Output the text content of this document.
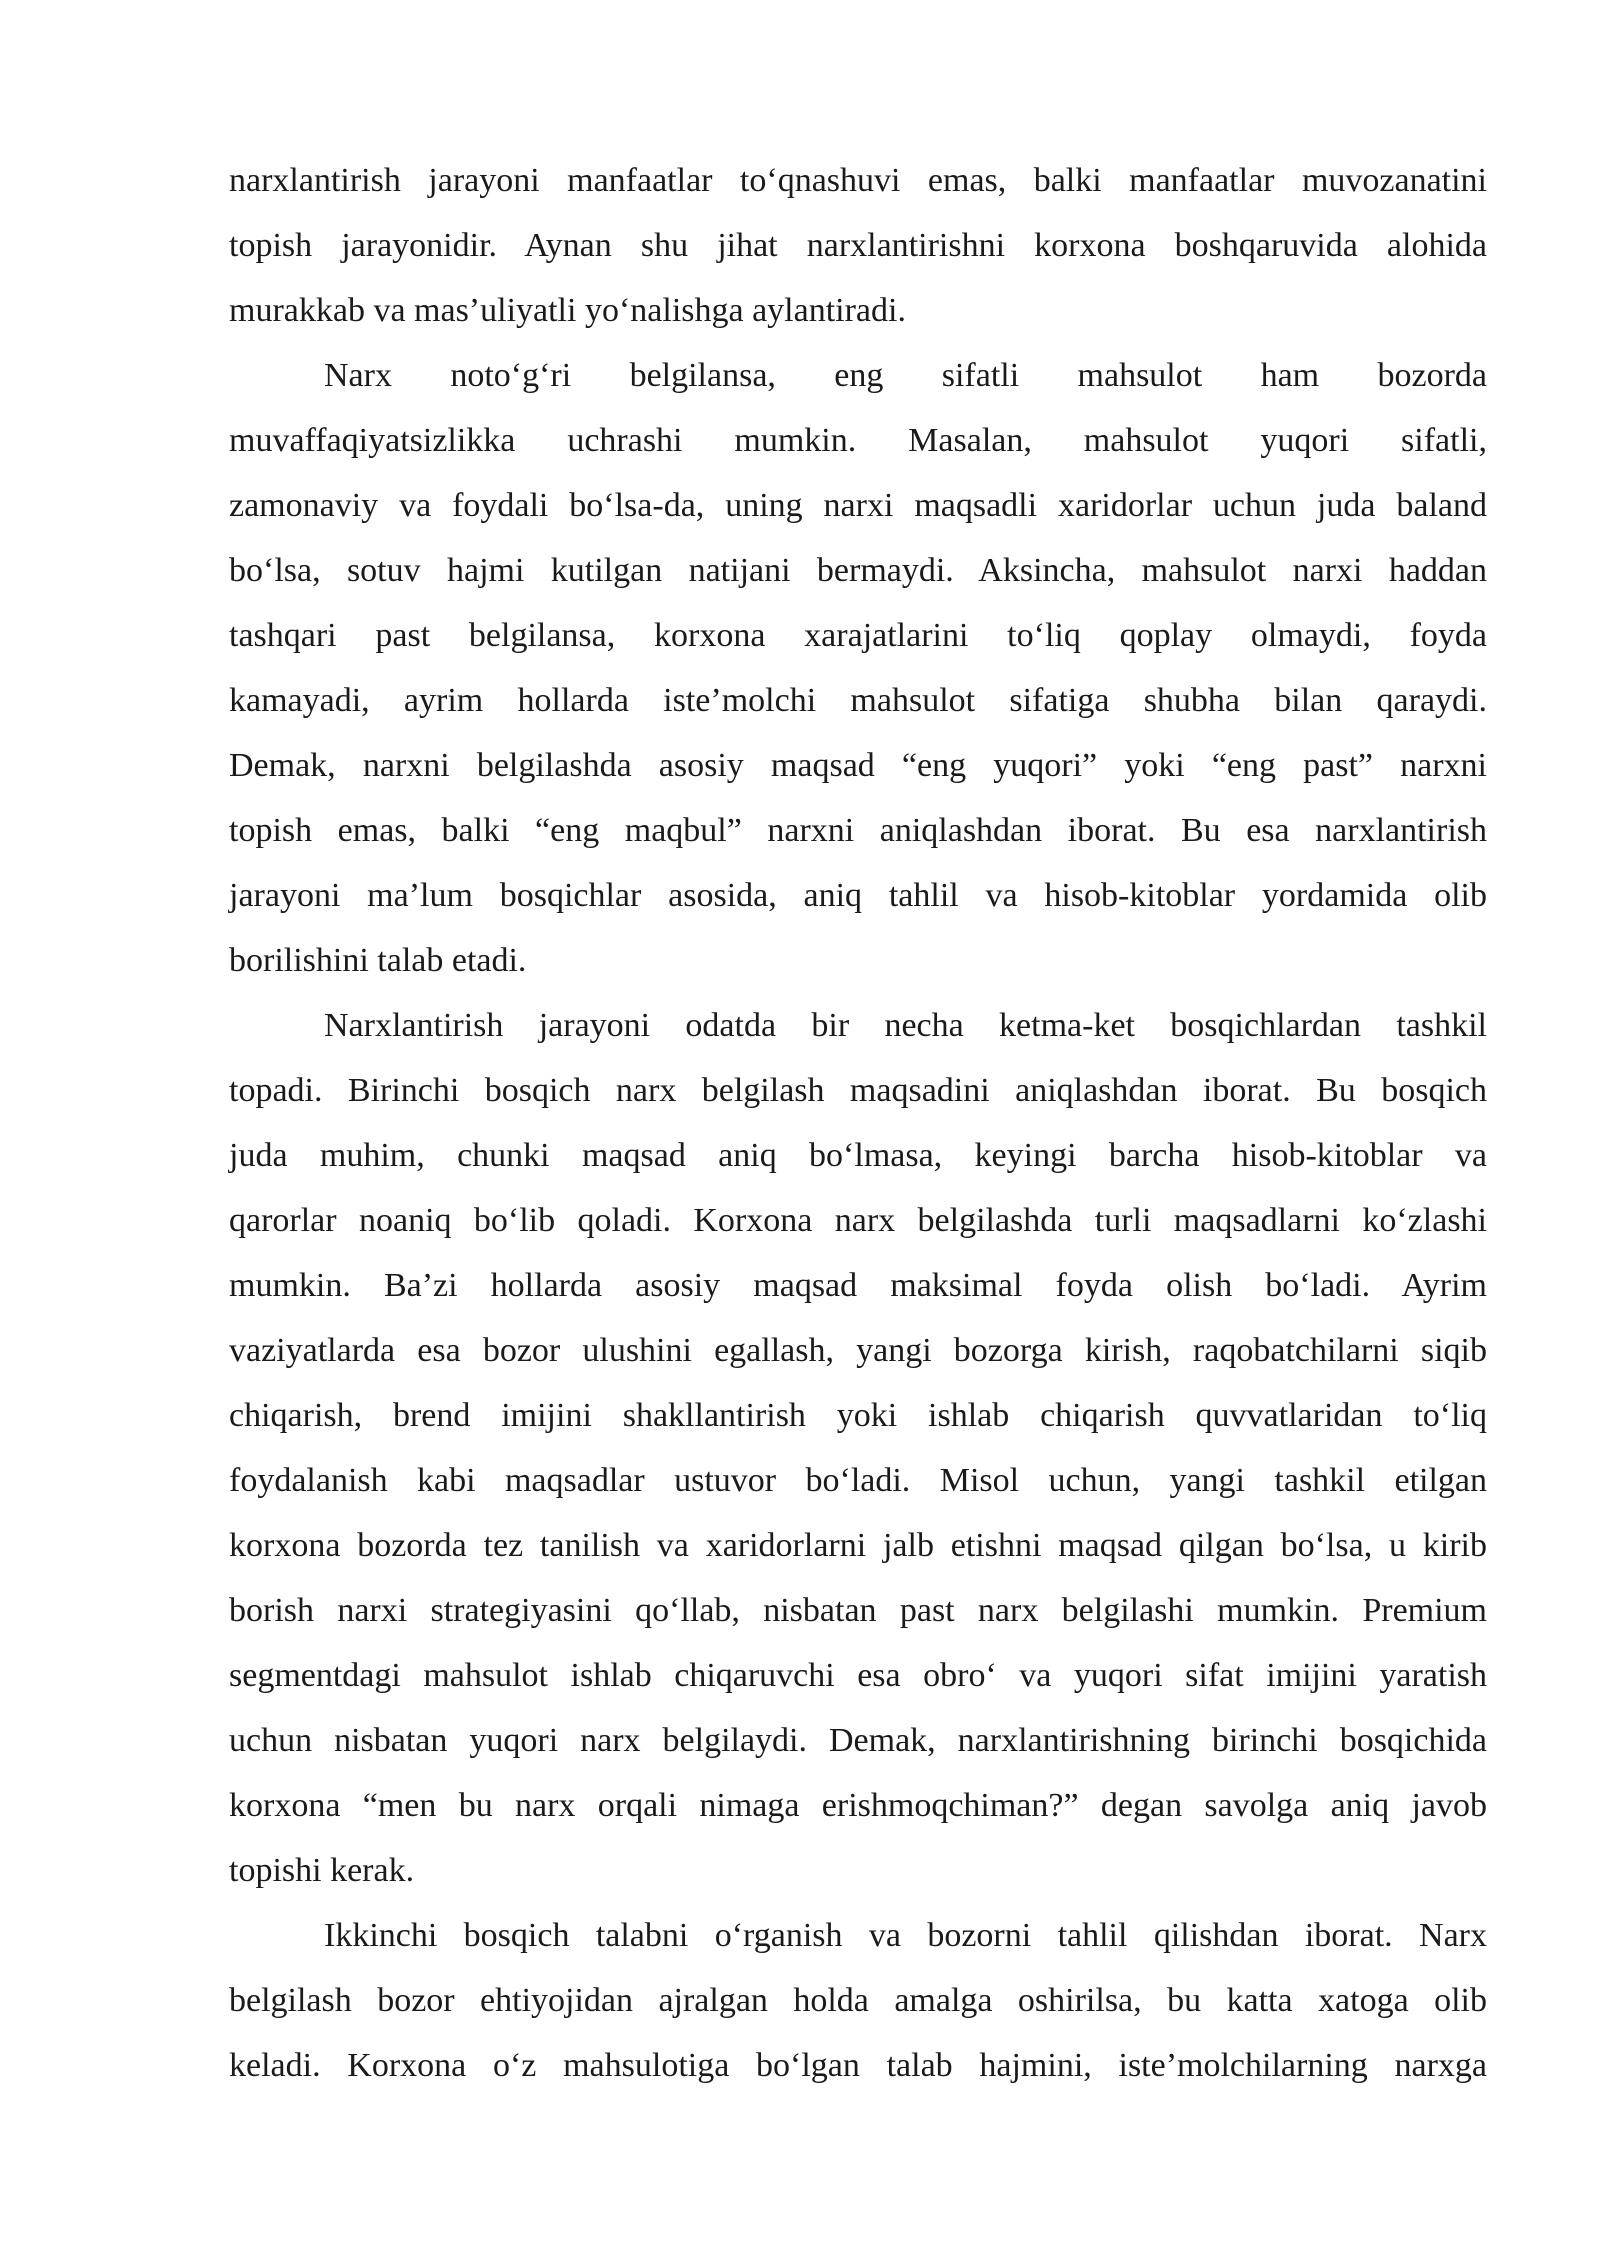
narxlantirish jarayoni manfaatlar to‘qnashuvi emas, balki manfaatlar muvozanatini
topish jarayonidir. Aynan shu jihat narxlantirishni korxona boshqaruvida alohida
murakkab va mas’uliyatli yo‘nalishga aylantiradi.
Narx noto‘g‘ri belgilansa, eng sifatli mahsulot ham bozorda
muvaffaqiyatsizlikka uchrashi mumkin. Masalan, mahsulot yuqori sifatli,
zamonaviy va foydali bo‘lsa-da, uning narxi maqsadli xaridorlar uchun juda baland
bo‘lsa, sotuv hajmi kutilgan natijani bermaydi. Aksincha, mahsulot narxi haddan
tashqari past belgilansa, korxona xarajatlarini to‘liq qoplay olmaydi, foyda
kamayadi, ayrim hollarda iste’molchi mahsulot sifatiga shubha bilan qaraydi.
Demak, narxni belgilashda asosiy maqsad “eng yuqori” yoki “eng past” narxni
topish emas, balki “eng maqbul” narxni aniqlashdan iborat. Bu esa narxlantirish
jarayoni ma’lum bosqichlar asosida, aniq tahlil va hisob-kitoblar yordamida olib
borilishini talab etadi.
Narxlantirish jarayoni odatda bir necha ketma-ket bosqichlardan tashkil
topadi. Birinchi bosqich narx belgilash maqsadini aniqlashdan iborat. Bu bosqich
juda muhim, chunki maqsad aniq bo‘lmasa, keyingi barcha hisob-kitoblar va
qarorlar noaniq bo‘lib qoladi. Korxona narx belgilashda turli maqsadlarni ko‘zlashi
mumkin. Ba’zi hollarda asosiy maqsad maksimal foyda olish bo‘ladi. Ayrim
vaziyatlarda esa bozor ulushini egallash, yangi bozorga kirish, raqobatchilarni siqib
chiqarish, brend imijini shakllantirish yoki ishlab chiqarish quvvatlaridan to‘liq
foydalanish kabi maqsadlar ustuvor bo‘ladi. Misol uchun, yangi tashkil etilgan
korxona bozorda tez tanilish va xaridorlarni jalb etishni maqsad qilgan bo‘lsa, u kirib
borish narxi strategiyasini qo‘llab, nisbatan past narx belgilashi mumkin. Premium
segmentdagi mahsulot ishlab chiqaruvchi esa obro‘ va yuqori sifat imijini yaratish
uchun nisbatan yuqori narx belgilaydi. Demak, narxlantirishning birinchi bosqichida
korxona “men bu narx orqali nimaga erishmoqchiman?” degan savolga aniq javob
topishi kerak.
Ikkinchi bosqich talabni o‘rganish va bozorni tahlil qilishdan iborat. Narx
belgilash bozor ehtiyojidan ajralgan holda amalga oshirilsa, bu katta xatoga olib
keladi. Korxona o‘z mahsulotiga bo‘lgan talab hajmini, iste’molchilarning narxga
